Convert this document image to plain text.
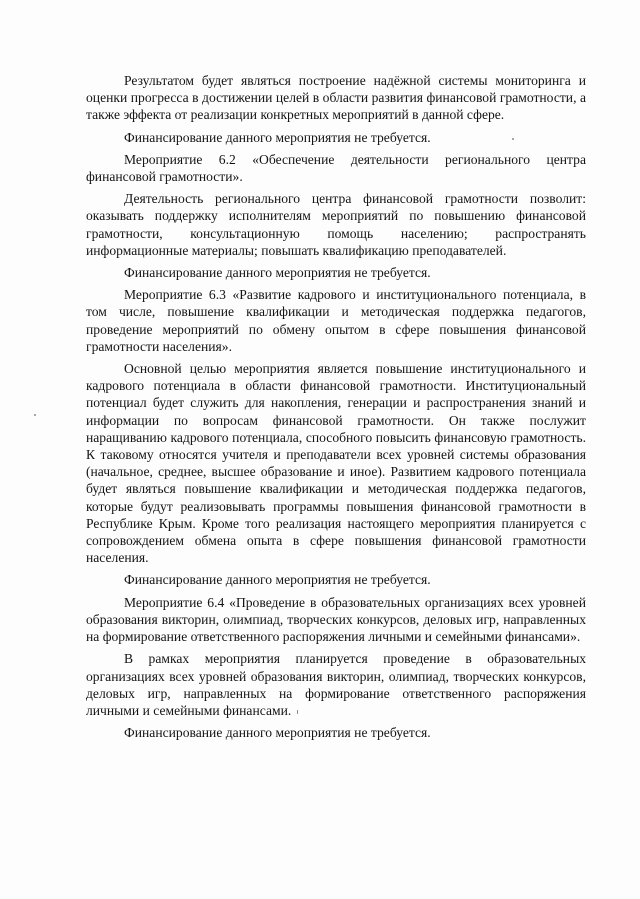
Результатом будет являться построение надёжной системы мониторинга и оценки прогресса в достижении целей в области развития финансовой грамотности, а также эффекта от реализации конкретных мероприятий в данной сфере.

Финансирование данного мероприятия не требуется.

Мероприятие 6.2 «Обеспечение деятельности регионального центра финансовой грамотности».

Деятельность регионального центра финансовой грамотности позволит: оказывать поддержку исполнителям мероприятий по повышению финансовой грамотности, консультационную помощь населению; распространять информационные материалы; повышать квалификацию преподавателей.

Финансирование данного мероприятия не требуется.

Мероприятие 6.3 «Развитие кадрового и институционального потенциала, в том числе, повышение квалификации и методическая поддержка педагогов, проведение мероприятий по обмену опытом в сфере повышения финансовой грамотности населения».

Основной целью мероприятия является повышение институционального и кадрового потенциала в области финансовой грамотности. Институциональный потенциал будет служить для накопления, генерации и распространения знаний и информации по вопросам финансовой грамотности. Он также послужит наращиванию кадрового потенциала, способного повысить финансовую грамотность. К таковому относятся учителя и преподаватели всех уровней системы образования (начальное, среднее, высшее образование и иное). Развитием кадрового потенциала будет являться повышение квалификации и методическая поддержка педагогов, которые будут реализовывать программы повышения финансовой грамотности в Республике Крым. Кроме того реализация настоящего мероприятия планируется с сопровождением обмена опыта в сфере повышения финансовой грамотности населения.

Финансирование данного мероприятия не требуется.

Мероприятие 6.4 «Проведение в образовательных организациях всех уровней образования викторин, олимпиад, творческих конкурсов, деловых игр, направленных на формирование ответственного распоряжения личными и семейными финансами».

В рамках мероприятия планируется проведение в образовательных организациях всех уровней образования викторин, олимпиад, творческих конкурсов, деловых игр, направленных на формирование ответственного распоряжения личными и семейными финансами.

Финансирование данного мероприятия не требуется.
